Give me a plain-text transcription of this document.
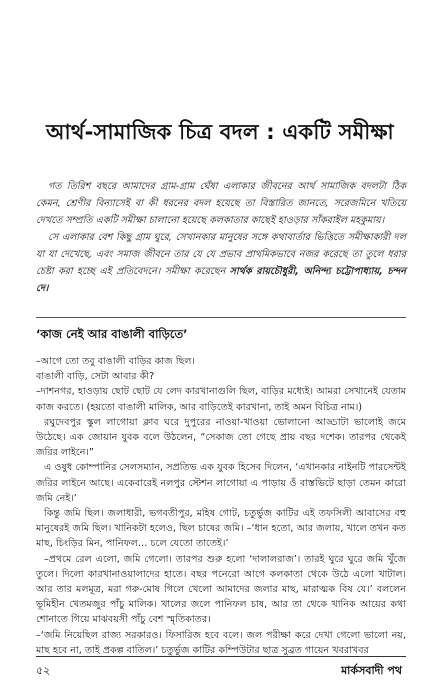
আর্থ-সামাজিক চিত্র বদল : একটি সমীক্ষা

গত তিরিশ বছরে আমাদের গ্রাম-গ্রাম ঘেঁষা এলাকার জীবনের আর্থ সামাজিক বদলটা ঠিক কেমন, শ্রেণীর বিন্যাসেই বা কী ধরনের বদল হয়েছে তা বিস্তারিত জানতে, সরেজমিনে খতিয়ে দেখতে সম্প্রতি একটি সমীক্ষা চালানো হয়েছে কলকাতার কাছেই হাওড়ার সাঁকরাইল মহকুমায়।

সে এলাকার বেশ কিছু গ্রাম ঘুরে, সেখানকার মানুষের সঙ্গে কথাবার্তার ভিত্তিতে সমীক্ষাকারী দল যা যা দেখেছে, এবং সমাজ জীবনে তার যে যে প্রভাব প্রাথমিকভাবে নজর করেছে তা তুলে ধরার চেষ্টা করা হচ্ছে এই প্রতিবেদনে। সমীক্ষা করেছেন সার্থক রায়চৌধুরী, অনিন্দ্য চট্টোপাধ্যায়, চন্দন দে।

‘কাজ নেই আর বাঙালী বাড়িতে’

–আগে তো তবু বাঙালী বাড়ির কাজ ছিল।

বাঙালী বাড়ি, সেটা আবার কী?

–দাশনগর, হাওড়ায় ছোট ছোট যে লেদ কারখানাগুলি ছিল, বাড়ির মধ্যেই। আমরা সেখানেই যেতাম কাজ করতে। (হয়তো বাঙালী মালিক, আর বাড়িতেই কারখানা, তাই অমন বিচিত্র নাম।)

রঘুদেবপুর স্কুল লাগোয়া ক্লাব ঘরে দুপুরের নাওয়া-খাওয়া ভোলানো আড্ডাটা ভালোই জমে উঠেছে। এক জোয়ান যুবক বলে উঠলেন, “সেকাজ তো গেছে প্রায় বছর দশেক। তারপর থেকেই জরির লাইনে।”

এ ওষুধ কোম্পানির সেলসম্যান, সপ্রতিভ এক যুবক হিসেব দিলেন, ‘এখানকার নাইনটি পারসেন্টই জরির লাইনে আছে। একেবারেই নলপুর স্টেশন লাগোয়া এ পাড়ায় ওঁ বাস্তভিটে ছাড়া তেমন কারো জমি নেই।’

কিন্তু জমি ছিল। জলাধারী, ভগবতীপুর, মহিষ গোট, চতুর্ভুজ কাটির এই তফসিলী আবাসের বহু মানুষেরই জমি ছিল। খানিকটা হলেও, ছিল চাষের জমি। –‘ধান হতো, আর জলায়, খালে তখন কত মাছ, চিংড়ির মিন, পানিফল… চলে যেতো তাতেই।’

–প্রথমে রেল এলো, জমি গেলো। তারপর শুরু হলো ‘দালালরাজ’। তারই ঘুরে ঘুরে জমি খুঁজে তুলে। দিলো কারখানাওয়ালাদের হাতে। বছর পনেরো আগে কলকাতা থেকে উঠে এলো খাটাল। আর তার মলমূত্র, মরা গরু-মোষ গিলে খেলো আমাদের জলার মাছ, মারাত্মক বিষ যে।’ বললেন ভূমিহীন খেতমজুর পাঁচু মালিক। খালের জলে পানিফল চাষ, আর তা থেকে খানিক আয়ের কথা শোনাতে গিয়ে মাঝবয়সী পাঁচু বেশ স্মৃতিকাতর।

–‘জমি নিয়েছিল রাজ্য সরকারও। ফিসারিজ হবে বলে। জল পরীক্ষা করে দেখা গেলো ভালো নয়, মাছ হবে না, তাই প্রকল্প বাতিল।’ চতুর্ভুজ কাটির কম্পিউটার ছাত্র সুব্রত গায়েন খবরাখবর

৫২	মার্কসবাদী পথ
